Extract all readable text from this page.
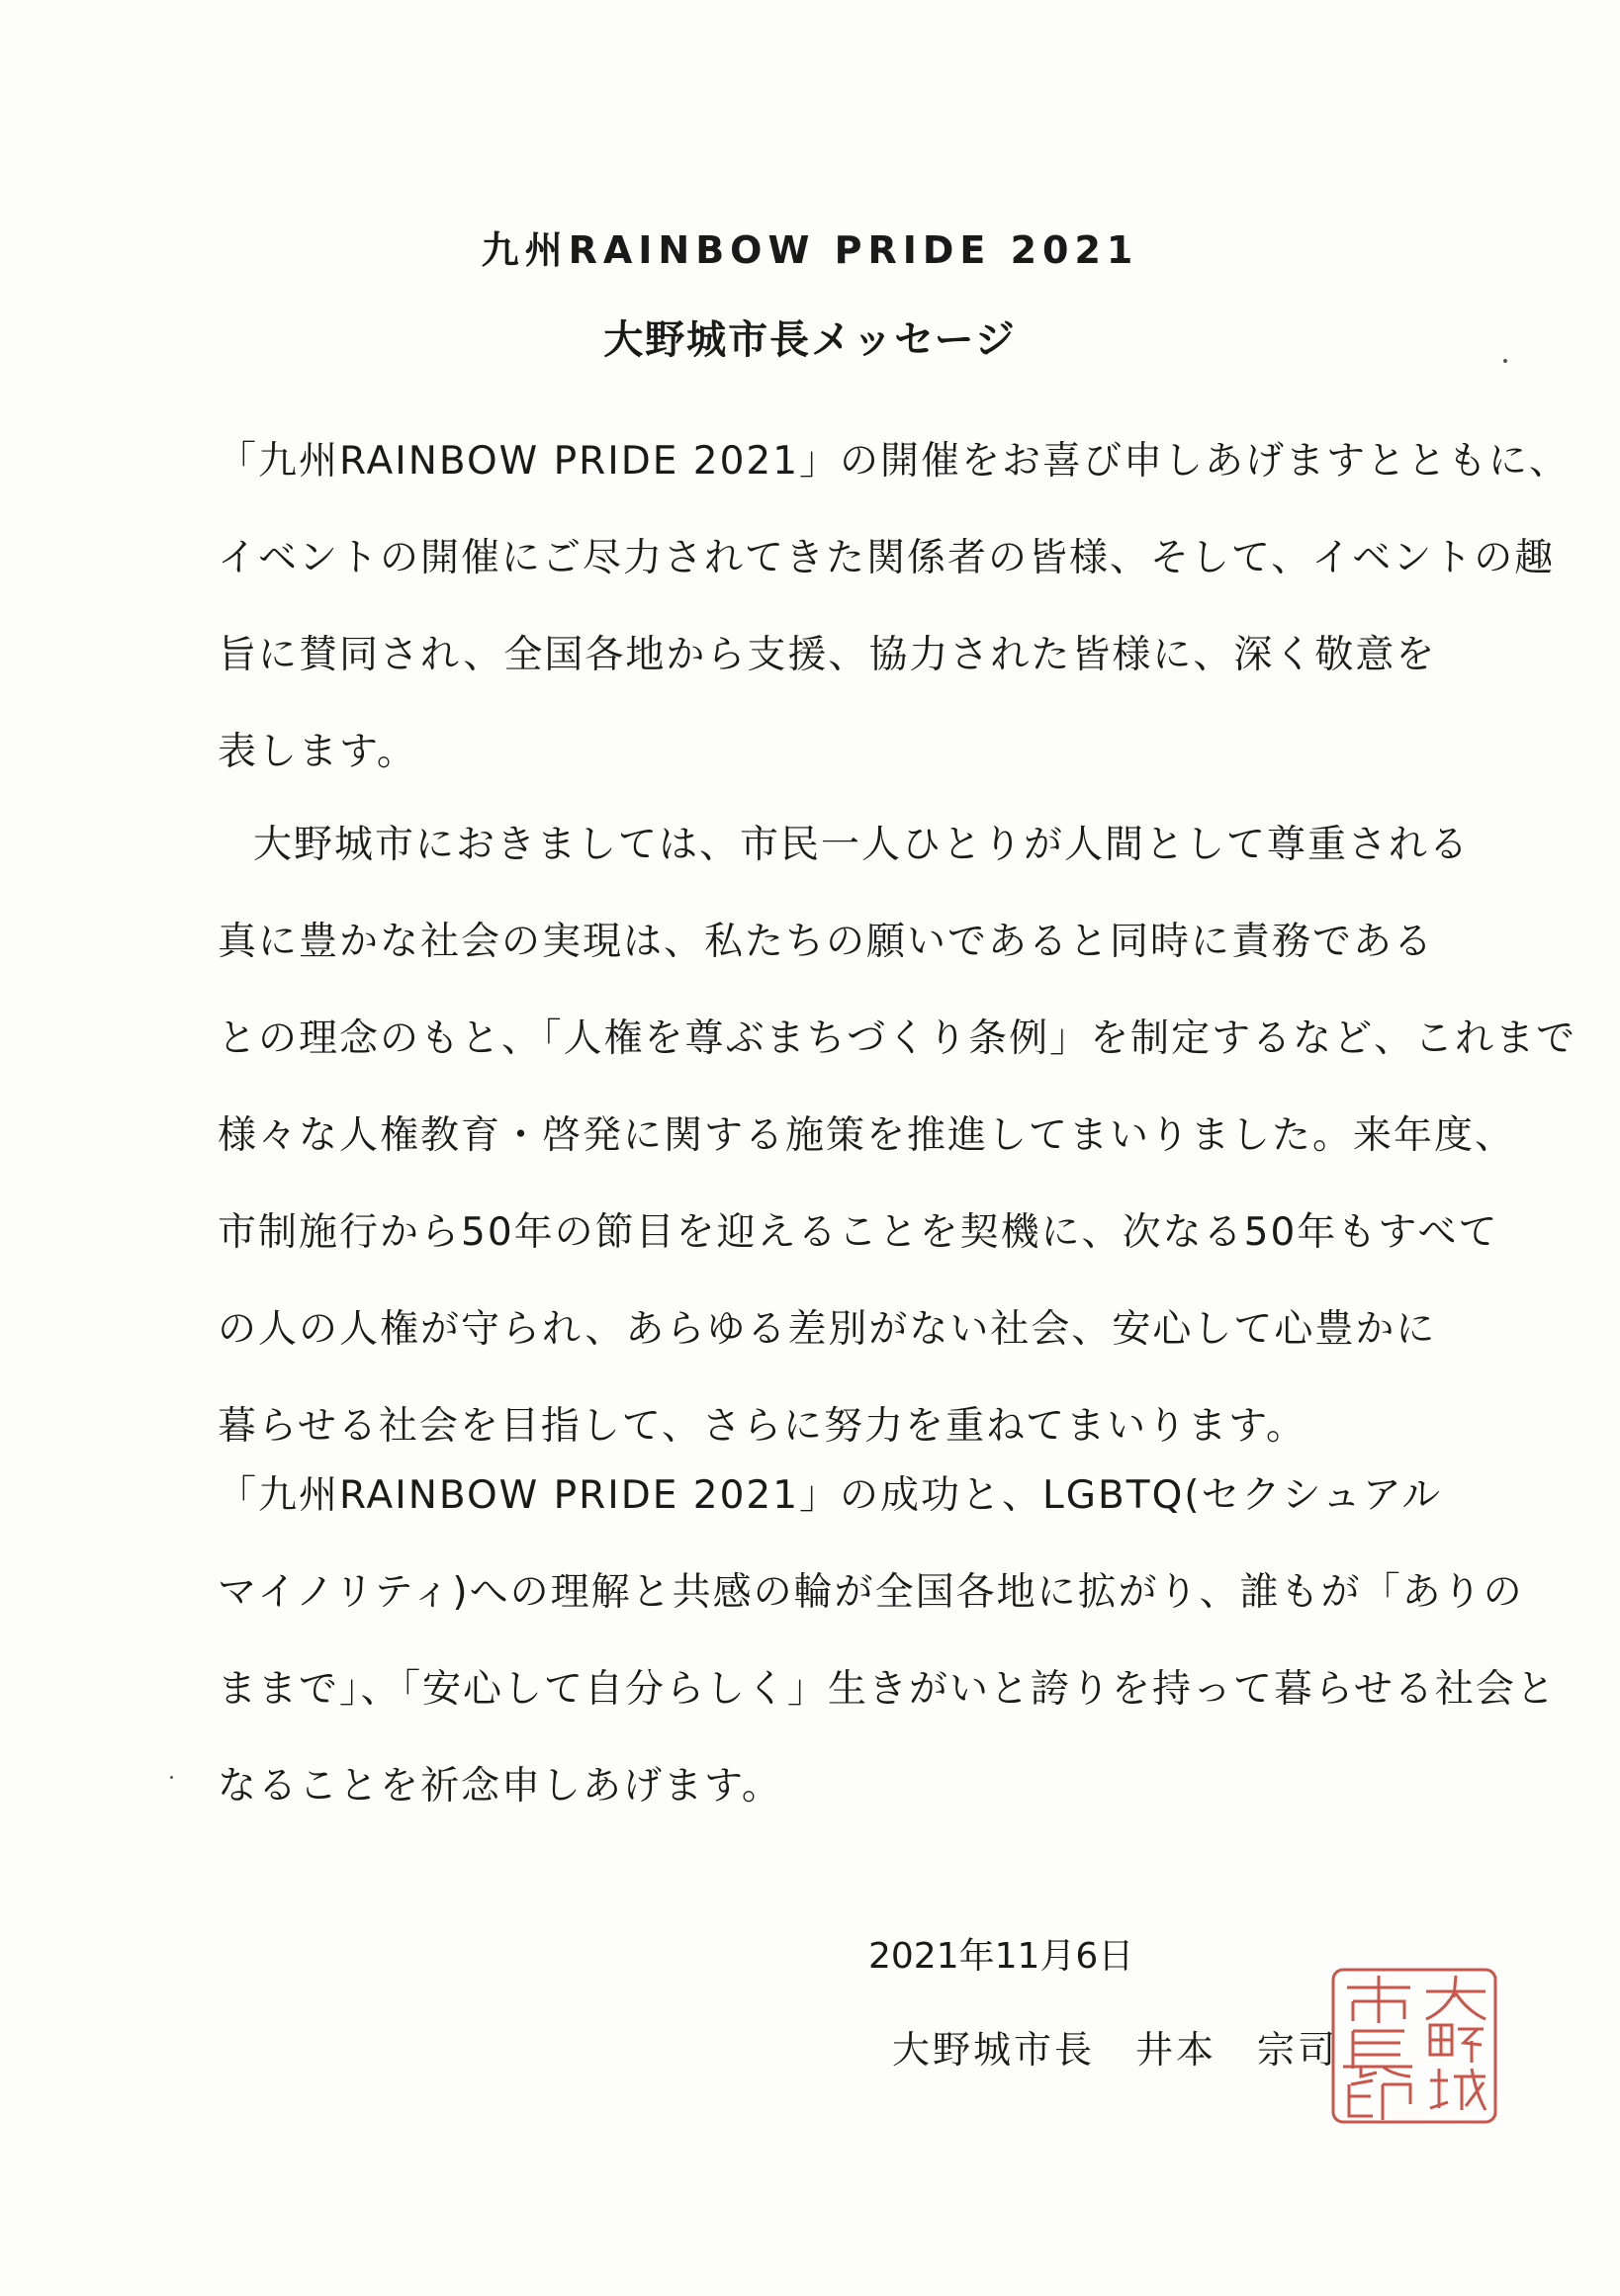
九州RAINBOW PRIDE 2021
大野城市長メッセージ
「九州RAINBOW PRIDE 2021」の開催をお喜び申しあげますとともに、
イベントの開催にご尽力されてきた関係者の皆様、そして、イベントの趣
旨に賛同され、全国各地から支援、協力された皆様に、深く敬意を
表します。
大野城市におきましては、市民一人ひとりが人間として尊重される
真に豊かな社会の実現は、私たちの願いであると同時に責務である
との理念のもと、「人権を尊ぶまちづくり条例」を制定するなど、これまで
様々な人権教育・啓発に関する施策を推進してまいりました。来年度、
市制施行から50年の節目を迎えることを契機に、次なる50年もすべて
の人の人権が守られ、あらゆる差別がない社会、安心して心豊かに
暮らせる社会を目指して、さらに努力を重ねてまいります。
「九州RAINBOW PRIDE 2021」の成功と、LGBTQ(セクシュアル
マイノリティ)への理解と共感の輪が全国各地に拡がり、誰もが「ありの
ままで」、「安心して自分らしく」生きがいと誇りを持って暮らせる社会と
なることを祈念申しあげます。
2021年11月6日
大野城市長　井本　宗司
